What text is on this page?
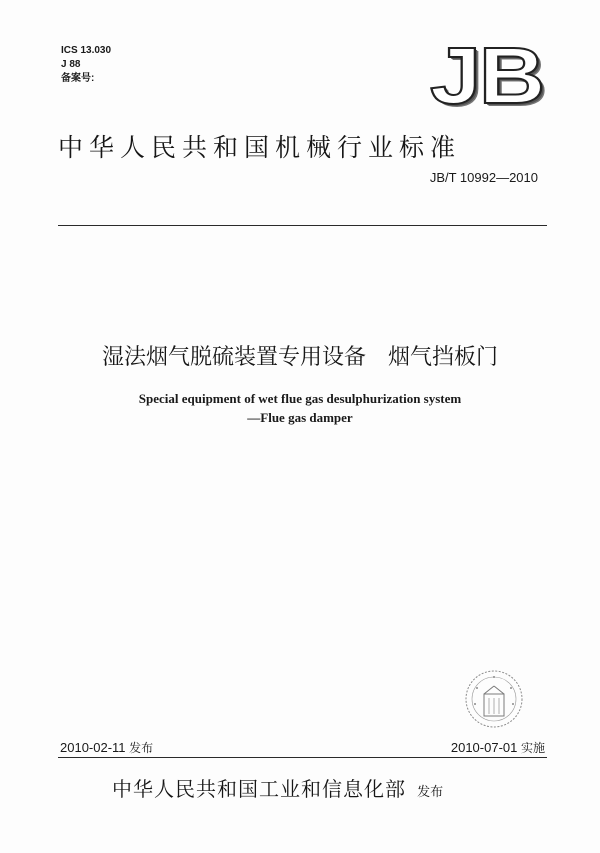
ICS 13.030
J 88
备案号:	JB
中华人民共和国机械行业标准
JB/T 10992—2010
湿法烟气脱硫装置专用设备　烟气挡板门
Special equipment of wet flue gas desulphurization system
—Flue gas damper
2010-02-11 发布	2010-07-01 实施
中华人民共和国工业和信息化部 发布
